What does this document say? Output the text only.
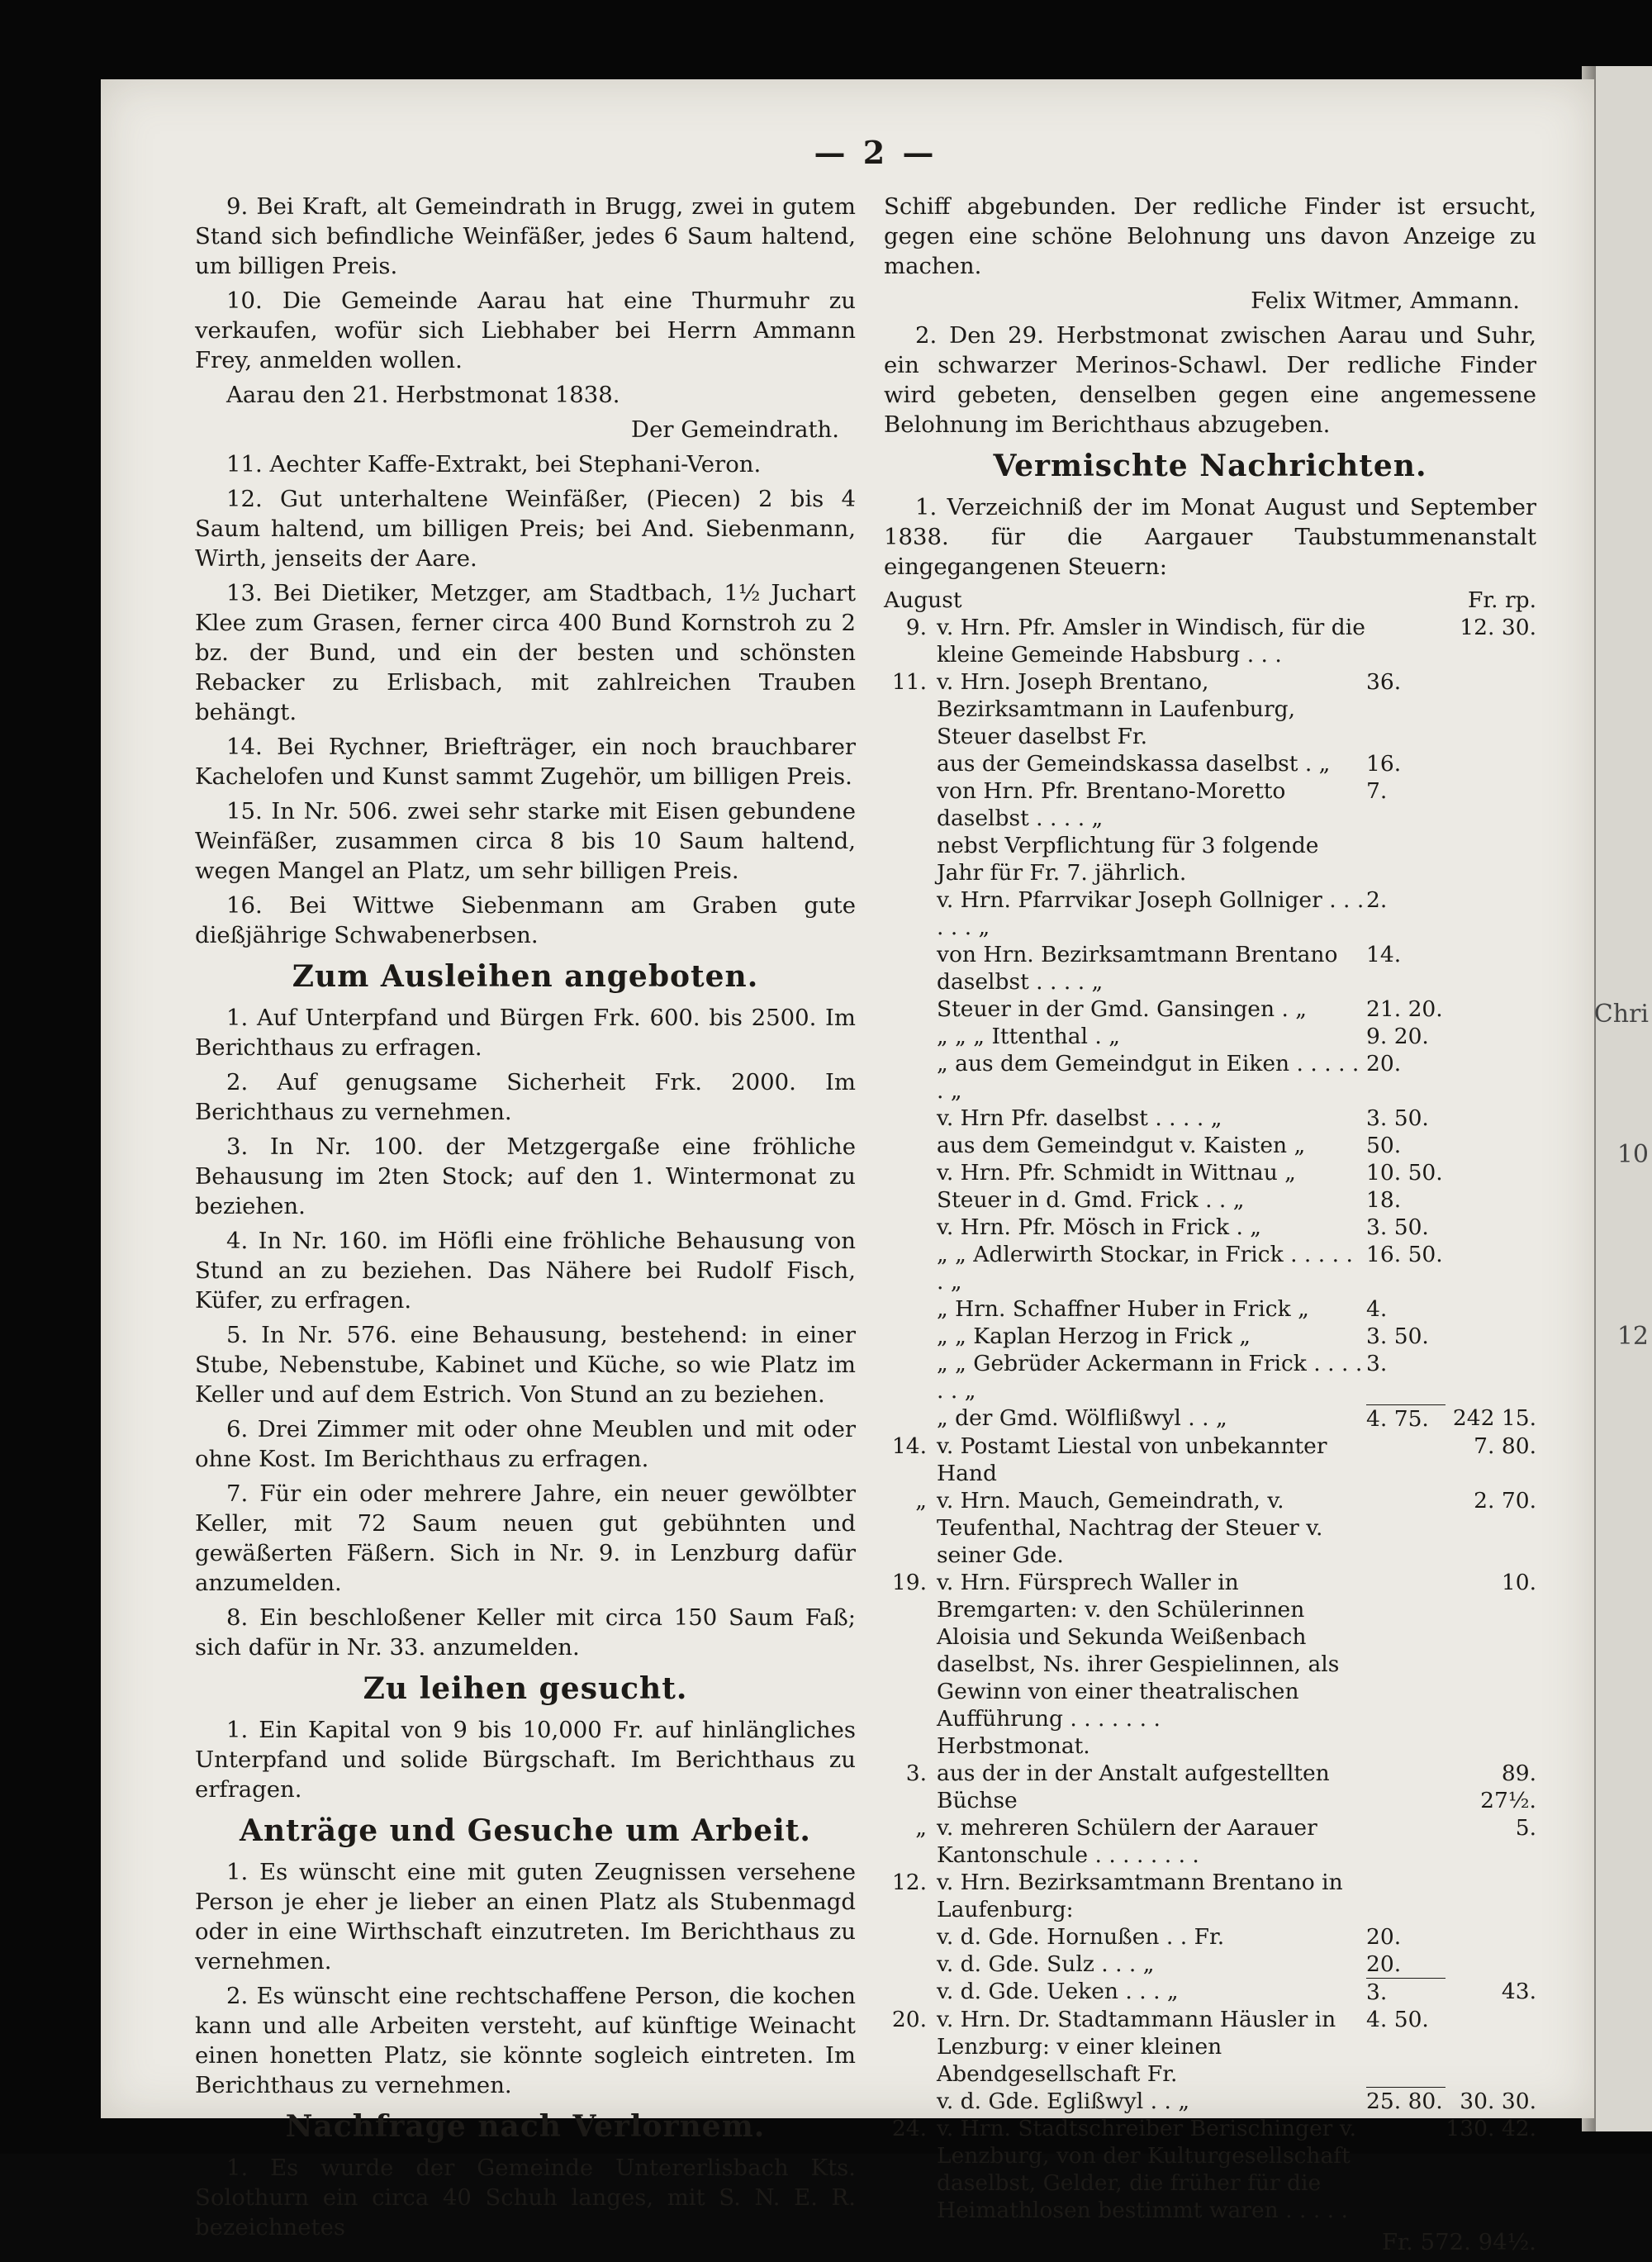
Chri
10
12
— 2 —

9. Bei Kraft, alt Gemeindrath in Brugg, zwei in gutem Stand sich befindliche Weinfäßer, jedes 6 Saum haltend, um billigen Preis.

10. Die Gemeinde Aarau hat eine Thurmuhr zu verkaufen, wofür sich Liebhaber bei Herrn Ammann Frey, anmelden wollen.

Aarau den 21. Herbstmonat 1838.

Der Gemeindrath.

11. Aechter Kaffe-Extrakt, bei Stephani-Veron.

12. Gut unterhaltene Weinfäßer, (Piecen) 2 bis 4 Saum haltend, um billigen Preis; bei And. Siebenmann, Wirth, jenseits der Aare.

13. Bei Dietiker, Metzger, am Stadtbach, 1½ Juchart Klee zum Grasen, ferner circa 400 Bund Kornstroh zu 2 bz. der Bund, und ein der besten und schönsten Rebacker zu Erlisbach, mit zahlreichen Trauben behängt.

14. Bei Rychner, Briefträger, ein noch brauchbarer Kachelofen und Kunst sammt Zugehör, um billigen Preis.

15. In Nr. 506. zwei sehr starke mit Eisen gebundene Weinfäßer, zusammen circa 8 bis 10 Saum haltend, wegen Mangel an Platz, um sehr billigen Preis.

16. Bei Wittwe Siebenmann am Graben gute dießjährige Schwabenerbsen.

Zum Ausleihen angeboten.

1. Auf Unterpfand und Bürgen Frk. 600. bis 2500. Im Berichthaus zu erfragen.

2. Auf genugsame Sicherheit Frk. 2000. Im Berichthaus zu vernehmen.

3. In Nr. 100. der Metzgergaße eine fröhliche Behausung im 2ten Stock; auf den 1. Wintermonat zu beziehen.

4. In Nr. 160. im Höfli eine fröhliche Behausung von Stund an zu beziehen. Das Nähere bei Rudolf Fisch, Küfer, zu erfragen.

5. In Nr. 576. eine Behausung, bestehend: in einer Stube, Nebenstube, Kabinet und Küche, so wie Platz im Keller und auf dem Estrich. Von Stund an zu beziehen.

6. Drei Zimmer mit oder ohne Meublen und mit oder ohne Kost. Im Berichthaus zu erfragen.

7. Für ein oder mehrere Jahre, ein neuer gewölbter Keller, mit 72 Saum neuen gut gebühnten und gewäßerten Fäßern. Sich in Nr. 9. in Lenzburg dafür anzumelden.

8. Ein beschloßener Keller mit circa 150 Saum Faß; sich dafür in Nr. 33. anzumelden.

Zu leihen gesucht.

1. Ein Kapital von 9 bis 10,000 Fr. auf hinlängliches Unterpfand und solide Bürgschaft. Im Berichthaus zu erfragen.

Anträge und Gesuche um Arbeit.

1. Es wünscht eine mit guten Zeugnissen versehene Person je eher je lieber an einen Platz als Stubenmagd oder in eine Wirthschaft einzutreten. Im Berichthaus zu vernehmen.

2. Es wünscht eine rechtschaffene Person, die kochen kann und alle Arbeiten versteht, auf künftige Weinacht einen honetten Platz, sie könnte sogleich eintreten. Im Berichthaus zu vernehmen.

Nachfrage nach Verlornem.

1. Es wurde der Gemeinde Untererlisbach Kts. Solothurn ein circa 40 Schuh langes, mit S. N. E. R. bezeichnetes

Schiff abgebunden. Der redliche Finder ist ersucht, gegen eine schöne Belohnung uns davon Anzeige zu machen.

Felix Witmer, Ammann.

2. Den 29. Herbstmonat zwischen Aarau und Suhr, ein schwarzer Merinos-Schawl. Der redliche Finder wird gebeten, denselben gegen eine angemessene Belohnung im Berichthaus abzugeben.

Vermischte Nachrichten.

1. Verzeichniß der im Monat August und September 1838. für die Aargauer Taubstummenanstalt eingegangenen Steuern:

August			Fr. rp.
9.	v. Hrn. Pfr. Amsler in Windisch, für die kleine Gemeinde Habsburg . . .		12. 30.
11.	v. Hrn. Joseph Brentano, Bezirksamtmann in Laufenburg, Steuer daselbst Fr.	36.	
	aus der Gemeindskassa daselbst . „	16.	
	von Hrn. Pfr. Brentano-Moretto daselbst . . . . „	7.	
	nebst Verpflichtung für 3 folgende Jahr für Fr. 7. jährlich.		
	v. Hrn. Pfarrvikar Joseph Gollniger . . . . . . „	2.	
	von Hrn. Bezirksamtmann Brentano daselbst . . . . „	14.	
	Steuer in der Gmd. Gansingen . „	21. 20.	
	„ „ „ Ittenthal . „	9. 20.	
	„ aus dem Gemeindgut in Eiken . . . . . . „	20.	
	v. Hrn Pfr. daselbst . . . . „	3. 50.	
	aus dem Gemeindgut v. Kaisten „	50.	
	v. Hrn. Pfr. Schmidt in Wittnau „	10. 50.	
	Steuer in d. Gmd. Frick . . „	18.	
	v. Hrn. Pfr. Mösch in Frick . „	3. 50.	
	„ „ Adlerwirth Stockar, in Frick . . . . . . „	16. 50.	
	„ Hrn. Schaffner Huber in Frick „	4.	
	„ „ Kaplan Herzog in Frick „	3. 50.	
	„ „ Gebrüder Ackermann in Frick . . . . . . „	3.	
	„ der Gmd. Wölflißwyl . . „	4. 75.	242 15.
14.	v. Postamt Liestal von unbekannter Hand		7. 80.
„	v. Hrn. Mauch, Gemeindrath, v. Teufenthal, Nachtrag der Steuer v. seiner Gde.		2. 70.
19.	v. Hrn. Fürsprech Waller in Bremgarten: v. den Schülerinnen Aloisia und Sekunda Weißenbach daselbst, Ns. ihrer Gespielinnen, als Gewinn von einer theatralischen Aufführung . . . . . . .		10.
	Herbstmonat.		
3.	aus der in der Anstalt aufgestellten Büchse		89. 27½.
„	v. mehreren Schülern der Aarauer Kantonschule . . . . . . . .		5.
12.	v. Hrn. Bezirksamtmann Brentano in Laufenburg:		
	v. d. Gde. Hornußen . . Fr.	20.	
	v. d. Gde. Sulz . . . „	20.	
	v. d. Gde. Ueken . . . „	3.	43.
20.	v. Hrn. Dr. Stadtammann Häusler in Lenzburg: v einer kleinen Abendgesellschaft Fr.	4. 50.	
	v. d. Gde. Eglißwyl . . „	25. 80.	30. 30.
24.	v. Hrn. Stadtschreiber Berischinger v. Lenzburg, von der Kulturgesellschaft daselbst, Gelder, die früher für die Heimathlosen bestimmt waren . . . . .		130. 42.

Fr. 572. 94½.
